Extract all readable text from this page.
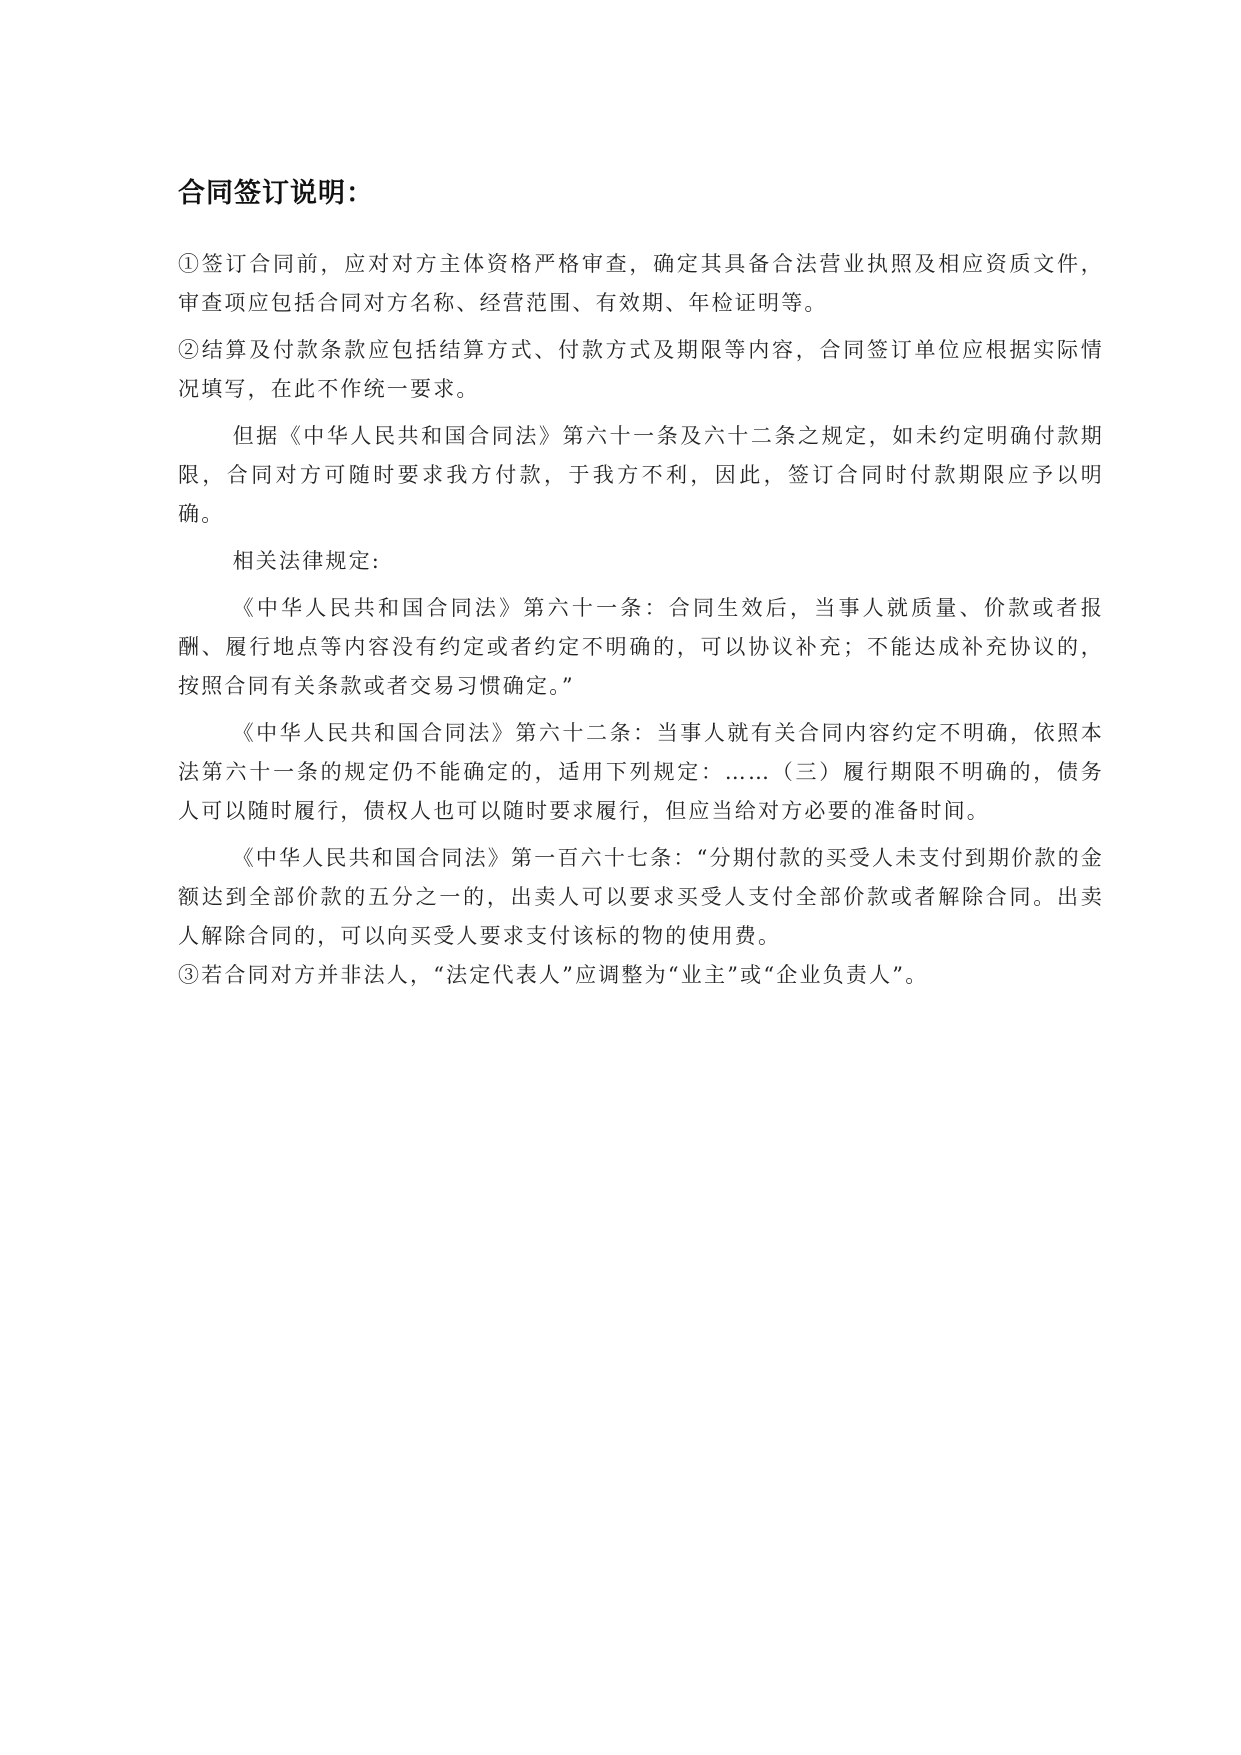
合同签订说明：

①签订合同前，应对对方主体资格严格审查，确定其具备合法营业执照及相应资质文件，审查项应包括合同对方名称、经营范围、有效期、年检证明等。

②结算及付款条款应包括结算方式、付款方式及期限等内容，合同签订单位应根据实际情况填写，在此不作统一要求。

但据《中华人民共和国合同法》第六十一条及六十二条之规定，如未约定明确付款期限，合同对方可随时要求我方付款，于我方不利，因此，签订合同时付款期限应予以明确。

相关法律规定:

《中华人民共和国合同法》第六十一条：合同生效后，当事人就质量、价款或者报酬、履行地点等内容没有约定或者约定不明确的，可以协议补充；不能达成补充协议的，按照合同有关条款或者交易习惯确定。”

《中华人民共和国合同法》第六十二条：当事人就有关合同内容约定不明确，依照本法第六十一条的规定仍不能确定的，适用下列规定：……（三）履行期限不明确的，债务人可以随时履行，债权人也可以随时要求履行，但应当给对方必要的准备时间。

《中华人民共和国合同法》第一百六十七条：“分期付款的买受人未支付到期价款的金额达到全部价款的五分之一的，出卖人可以要求买受人支付全部价款或者解除合同。出卖人解除合同的，可以向买受人要求支付该标的物的使用费。

③若合同对方并非法人，“法定代表人”应调整为“业主”或“企业负责人”。
